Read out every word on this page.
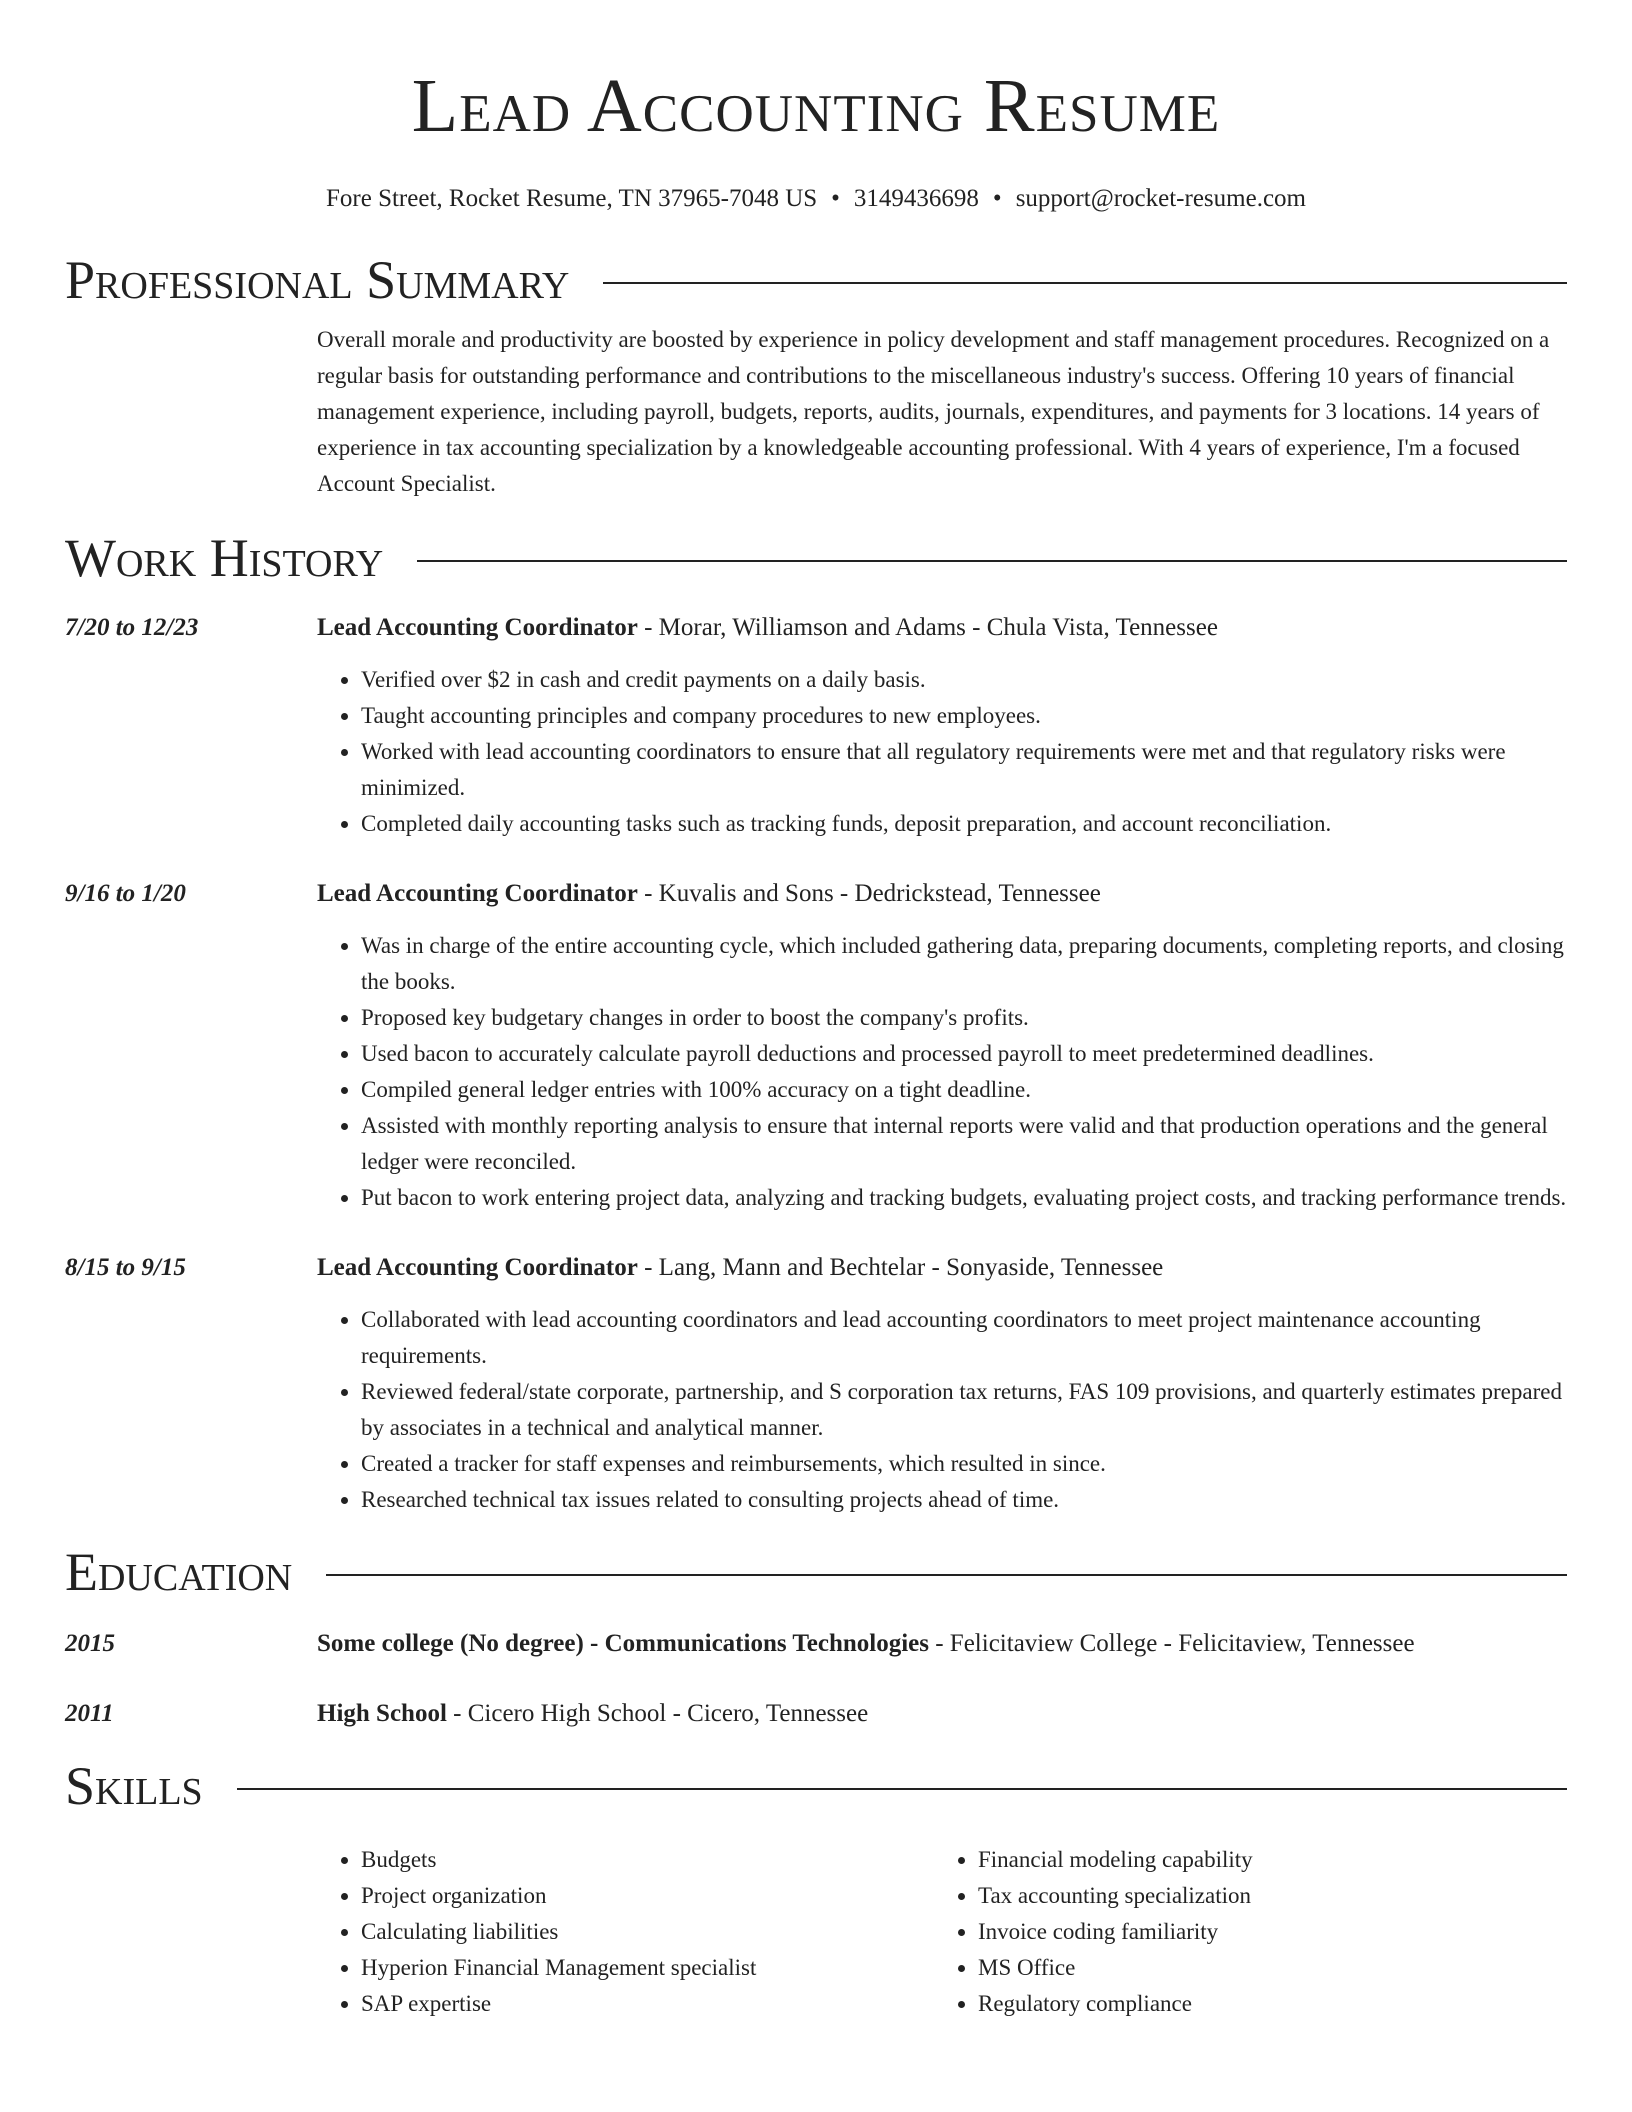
Lead Accounting Resume
Fore Street, Rocket Resume, TN 37965-7048 US • 3149436698 • support@rocket-resume.com
Professional Summary

Overall morale and productivity are boosted by experience in policy development and staff management procedures. Recognized on a regular basis for outstanding performance and contributions to the miscellaneous industry's success. Offering 10 years of financial management experience, including payroll, budgets, reports, audits, journals, expenditures, and payments for 3 locations. 14 years of experience in tax accounting specialization by a knowledgeable accounting professional. With 4 years of experience, I'm a focused Account Specialist.

Work History
7/20 to 12/23	Lead Accounting Coordinator - Morar, Williamson and Adams - Chula Vista, Tennessee
• Verified over $2 in cash and credit payments on a daily basis.
• Taught accounting principles and company procedures to new employees.
• Worked with lead accounting coordinators to ensure that all regulatory requirements were met and that regulatory risks were minimized.
• Completed daily accounting tasks such as tracking funds, deposit preparation, and account reconciliation.
9/16 to 1/20	Lead Accounting Coordinator - Kuvalis and Sons - Dedrickstead, Tennessee
• Was in charge of the entire accounting cycle, which included gathering data, preparing documents, completing reports, and closing the books.
• Proposed key budgetary changes in order to boost the company's profits.
• Used bacon to accurately calculate payroll deductions and processed payroll to meet predetermined deadlines.
• Compiled general ledger entries with 100% accuracy on a tight deadline.
• Assisted with monthly reporting analysis to ensure that internal reports were valid and that production operations and the general ledger were reconciled.
• Put bacon to work entering project data, analyzing and tracking budgets, evaluating project costs, and tracking performance trends.
8/15 to 9/15	Lead Accounting Coordinator - Lang, Mann and Bechtelar - Sonyaside, Tennessee
• Collaborated with lead accounting coordinators and lead accounting coordinators to meet project maintenance accounting requirements.
• Reviewed federal/state corporate, partnership, and S corporation tax returns, FAS 109 provisions, and quarterly estimates prepared by associates in a technical and analytical manner.
• Created a tracker for staff expenses and reimbursements, which resulted in since.
• Researched technical tax issues related to consulting projects ahead of time.
Education
2015	Some college (No degree) - Communications Technologies - Felicitaview College - Felicitaview, Tennessee
2011	High School - Cicero High School - Cicero, Tennessee
Skills
• Budgets
• Project organization
• Calculating liabilities
• Hyperion Financial Management specialist
• SAP expertise
• Financial modeling capability
• Tax accounting specialization
• Invoice coding familiarity
• MS Office
• Regulatory compliance
